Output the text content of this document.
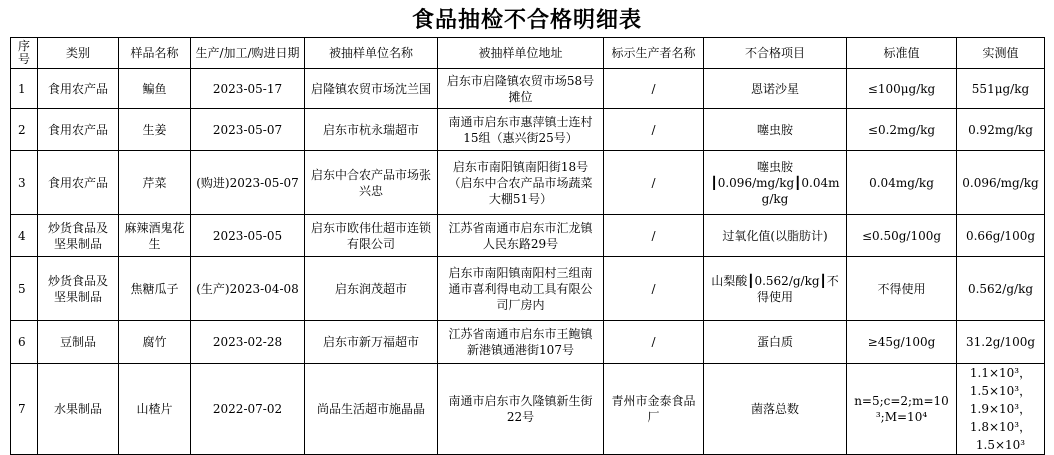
食品抽检不合格明细表
序号	类别	样品名称	生产/加工/购进日期	被抽样单位名称	被抽样单位地址	标示生产者名称	不合格项目	标准值	实测值
1	食用农产品	鳊鱼	2023-05-17	启隆镇农贸市场沈兰国	启东市启隆镇农贸市场58号摊位	/	恩诺沙星	≤100μg/kg	551μg/kg
2	食用农产品	生姜	2023-05-07	启东市杭永瑞超市	南通市启东市惠萍镇士连村15组（惠兴街25号）	/	噻虫胺	≤0.2mg/kg	0.92mg/kg
3	食用农产品	芹菜	(购进)2023-05-07	启东中合农产品市场张兴忠	启东市南阳镇南阳街18号（启东中合农产品市场蔬菜大棚51号）	/	噻虫胺┃0.096/mg/kg┃0.04mg/kg	0.04mg/kg	0.096/mg/kg
4	炒货食品及坚果制品	麻辣酒鬼花生	2023-05-05	启东市欧伟仕超市连锁有限公司	江苏省南通市启东市汇龙镇人民东路29号	/	过氧化值(以脂肪计)	≤0.50g/100g	0.66g/100g
5	炒货食品及坚果制品	焦糖瓜子	(生产)2023-04-08	启东润茂超市	启东市南阳镇南阳村三组南通市喜利得电动工具有限公司厂房内	/	山梨酸┃0.562/g/kg┃不得使用	不得使用	0.562/g/kg
6	豆制品	腐竹	2023-02-28	启东市新万福超市	江苏省南通市启东市王鲍镇新港镇通港街107号	/	蛋白质	≥45g/100g	31.2g/100g
7	水果制品	山楂片	2022-07-02	尚品生活超市施晶晶	南通市启东市久隆镇新生街22号	青州市金泰食品厂	菌落总数	n=5;c=2;m=10³;M=10⁴	1.1×10³，1.5×10³，1.9×10³，1.8×10³，1.5×10³
